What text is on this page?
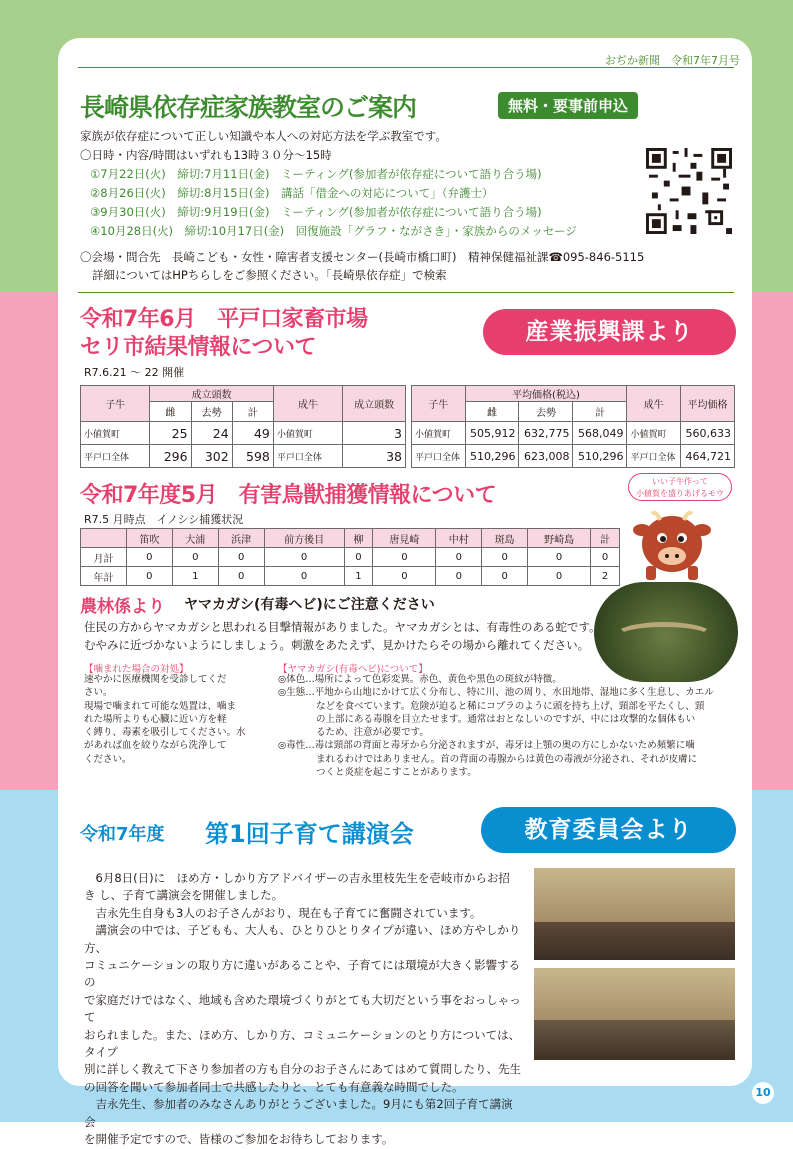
おぢか新聞　令和7年7月号
長崎県依存症家族教室のご案内	無料・要事前申込
家族が依存症について正しい知識や本人への対応方法を学ぶ教室です。
〇日時・内容/時間はいずれも13時３０分～15時
①7月22日(火)　締切:7月11日(金)　ミーティング(参加者が依存症について語り合う場)
②8月26日(火)　締切:8月15日(金)　講話「借金への対応について」（弁護士）
③9月30日(火)　締切:9月19日(金)　ミーティング(参加者が依存症について語り合う場)
④10月28日(火)　締切:10月17日(金)　回復施設「グラフ・ながさき」・家族からのメッセージ
〇会場・問合先　長崎こども・女性・障害者支援センター(長崎市橋口町)　精神保健福祉課☎095-846-5115
詳細についてはHPちらしをご参照ください。「長崎県依存症」で検索
令和7年6月　平戸口家畜市場
セリ市結果情報について
産業振興課より
R7.6.21 ～ 22 開催
子牛	成立頭数			成牛	成立頭数
	雌	去勢	計		
小値賀町	25	24	49	小値賀町	3
平戸口全体	296	302	598	平戸口全体	38
子牛	平均価格(税込)			成牛	平均価格
	雌	去勢	計		
小値賀町	505,912	632,775	568,049	小値賀町	560,633
平戸口全体	510,296	623,008	510,296	平戸口全体	464,721
令和7年度5月　有害鳥獣捕獲情報について
いい子牛作って
小値賀を盛りあげるモウ
R7.5 月時点　イノシシ捕獲状況
	笛吹	大浦	浜津	前方後目	柳	唐見崎	中村	斑島	野崎島	計
月計	0	0	0	0	0	0	0	0	0	0
年計	0	1	0	0	1	0	0	0	0	2
農林係より ヤマカガシ(有毒ヘビ)にご注意ください
住民の方からヤマカガシと思われる目撃情報がありました。ヤマカガシとは、有毒性のある蛇です。
むやみに近づかないようにしましょう。刺激をあたえず、見かけたらその場から離れてください。
【噛まれた場合の対処】
速やかに医療機関を受診してくだ
さい。
現場で噛まれて可能な処置は、噛ま
れた場所よりも心臓に近い方を軽
く縛り、毒素を吸引してください。水
があれば血を絞りながら洗浄して
ください。
【ヤマカガシ(有毒ヘビ)について】
◎体色…場所によって色彩変異。赤色、黄色や黒色の斑紋が特徴。
◎生態…平地から山地にかけて広く分布し、特に川、池の周り、水田地帯、湿地に多く生息し、カエル
　　　　などを食べています。危険が迫ると稀にコブラのように頭を持ち上げ、頸部を平たくし、頸
　　　　の上部にある毒腺を目立たせます。通常はおとなしいのですが、中には攻撃的な個体もい
　　　　るため、注意が必要です。
◎毒性…毒は頸部の背面と毒牙から分泌されますが、毒牙は上顎の奥の方にしかないため頻繁に噛
　　　　まれるわけではありません。首の背面の毒腺からは黄色の毒液が分泌され、それが皮膚に
　　　　つくと炎症を起こすことがあります。
令和7年度 第1回子育て講演会	教育委員会より
　6月8日(日)に　ほめ方・しかり方アドバイザーの吉永里枝先生を壱岐市からお招
き し、子育て講演会を開催しました。
　吉永先生自身も3人のお子さんがおり、現在も子育てに奮闘されています。
　講演会の中では、子どもも、大人も、ひとりひとりタイプが違い、ほめ方やしかり方、
コミュニケーションの取り方に違いがあることや、子育てには環境が大きく影響するの
で家庭だけではなく、地域も含めた環境づくりがとても大切だという事をおっしゃって
おられました。また、ほめ方、しかり方、コミュニケーションのとり方については、タイプ
別に詳しく教えて下さり参加者の方も自分のお子さんにあてはめて質問したり、先生
の回答を聞いて参加者同士で共感したりと、とても有意義な時間でした。
　吉永先生、参加者のみなさんありがとうございました。9月にも第2回子育て講演会
を開催予定ですので、皆様のご参加をお待ちしております。
10
